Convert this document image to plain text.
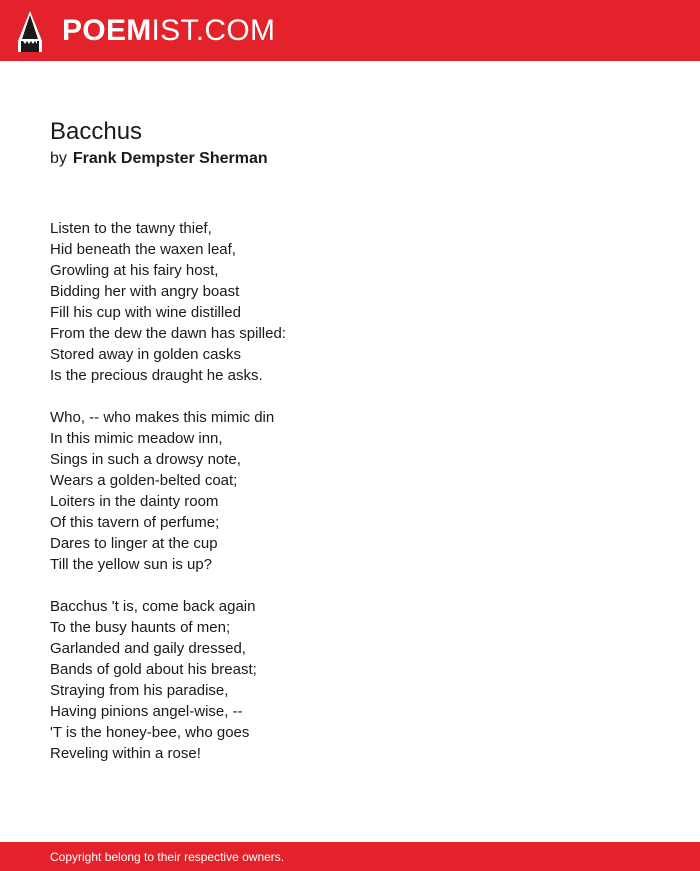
POEMIST.COM
Bacchus
by Frank Dempster Sherman
Listen to the tawny thief,
Hid beneath the waxen leaf,
Growling at his fairy host,
Bidding her with angry boast
Fill his cup with wine distilled
From the dew the dawn has spilled:
Stored away in golden casks
Is the precious draught he asks.
Who, -- who makes this mimic din
In this mimic meadow inn,
Sings in such a drowsy note,
Wears a golden-belted coat;
Loiters in the dainty room
Of this tavern of perfume;
Dares to linger at the cup
Till the yellow sun is up?
Bacchus 't is, come back again
To the busy haunts of men;
Garlanded and gaily dressed,
Bands of gold about his breast;
Straying from his paradise,
Having pinions angel-wise, --
'T is the honey-bee, who goes
Reveling within a rose!
Copyright belong to their respective owners.
